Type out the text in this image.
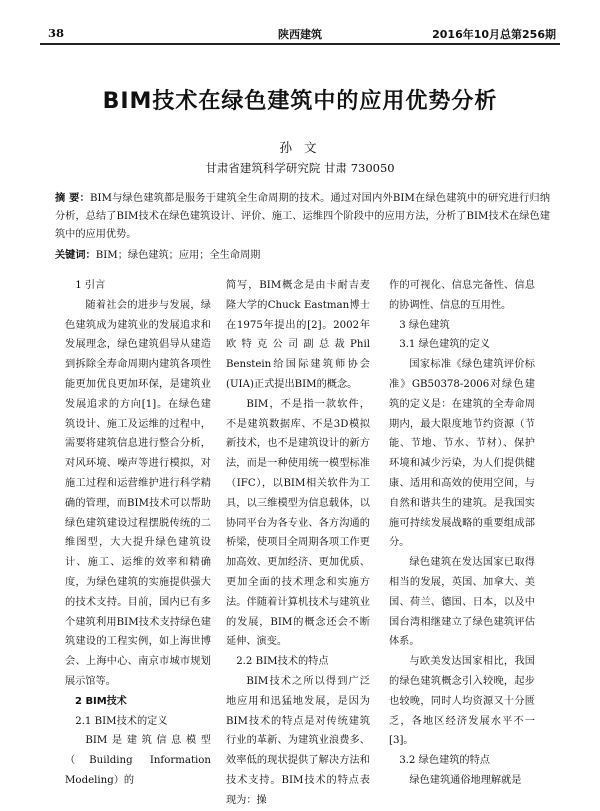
38	陕西建筑	2016年10月总第256期
BIM技术在绿色建筑中的应用优势分析
孙 文
甘肃省建筑科学研究院 甘肃 730050
摘 要：BIM与绿色建筑都是服务于建筑全生命周期的技术。通过对国内外BIM在绿色建筑中的研究进行归纳分析，总结了BIM技术在绿色建筑设计、评价、施工、运维四个阶段中的应用方法，分析了BIM技术在绿色建筑中的应用优势。
关键词：BIM；绿色建筑；应用；全生命周期
1 引言

随着社会的进步与发展，绿色建筑成为建筑业的发展追求和发展理念，绿色建筑倡导从建造到拆除全寿命周期内建筑各项性能更加优良更加环保，是建筑业发展追求的方向[1]。在绿色建筑设计、施工及运维的过程中，需要将建筑信息进行整合分析，对风环境、噪声等进行模拟，对施工过程和运营维护进行科学精确的管理，而BIM技术可以帮助绿色建筑建设过程摆脱传统的二维图型，大大提升绿色建筑设计、施工、运维的效率和精确度，为绿色建筑的实施提供强大的技术支持。目前，国内已有多个建筑利用BIM技术支持绿色建筑建设的工程实例，如上海世博会、上海中心、南京市城市规划展示馆等。

2 BIM技术
2.1 BIM技术的定义

BIM是建筑信息模型（Building Information Modeling）的

简写，BIM概念是由卡耐吉麦隆大学的Chuck Eastman博士在1975年提出的[2]。2002年欧特克公司副总裁Phil Benstein给国际建筑师协会(UIA)正式提出BIM的概念。

BIM，不是指一款软件，不是建筑数据库、不是3D模拟新技术，也不是建筑设计的新方法，而是一种使用统一模型标准（IFC），以BIM相关软件为工具，以三维模型为信息载体，以协同平台为各专业、各方沟通的桥梁，使项目全周期各项工作更加高效、更加经济、更加优质、更加全面的技术理念和实施方法。伴随着计算机技术与建筑业的发展，BIM的概念还会不断延伸、演变。

2.2 BIM技术的特点

BIM技术之所以得到广泛地应用和迅猛地发展，是因为BIM技术的特点是对传统建筑行业的革新、为建筑业浪费多、效率低的现状提供了解决方法和技术支持。BIM技术的特点表现为：操

作的可视化、信息完备性、信息的协调性、信息的互用性。

3 绿色建筑
3.1 绿色建筑的定义

国家标准《绿色建筑评价标准》GB50378-2006对绿色建筑的定义是：在建筑的全寿命周期内，最大限度地节约资源（节能、节地、节水、节材）、保护环境和减少污染，为人们提供健康、适用和高效的使用空间，与自然和谐共生的建筑。是我国实施可持续发展战略的重要组成部分。

绿色建筑在发达国家已取得相当的发展，英国、加拿大、美国、荷兰、德国、日本，以及中国台湾相继建立了绿色建筑评估体系。

与欧美发达国家相比，我国的绿色建筑概念引入较晚，起步也较晚，同时人均资源又十分匮乏，各地区经济发展水平不一[3]。

3.2 绿色建筑的特点

绿色建筑通俗地理解就是
